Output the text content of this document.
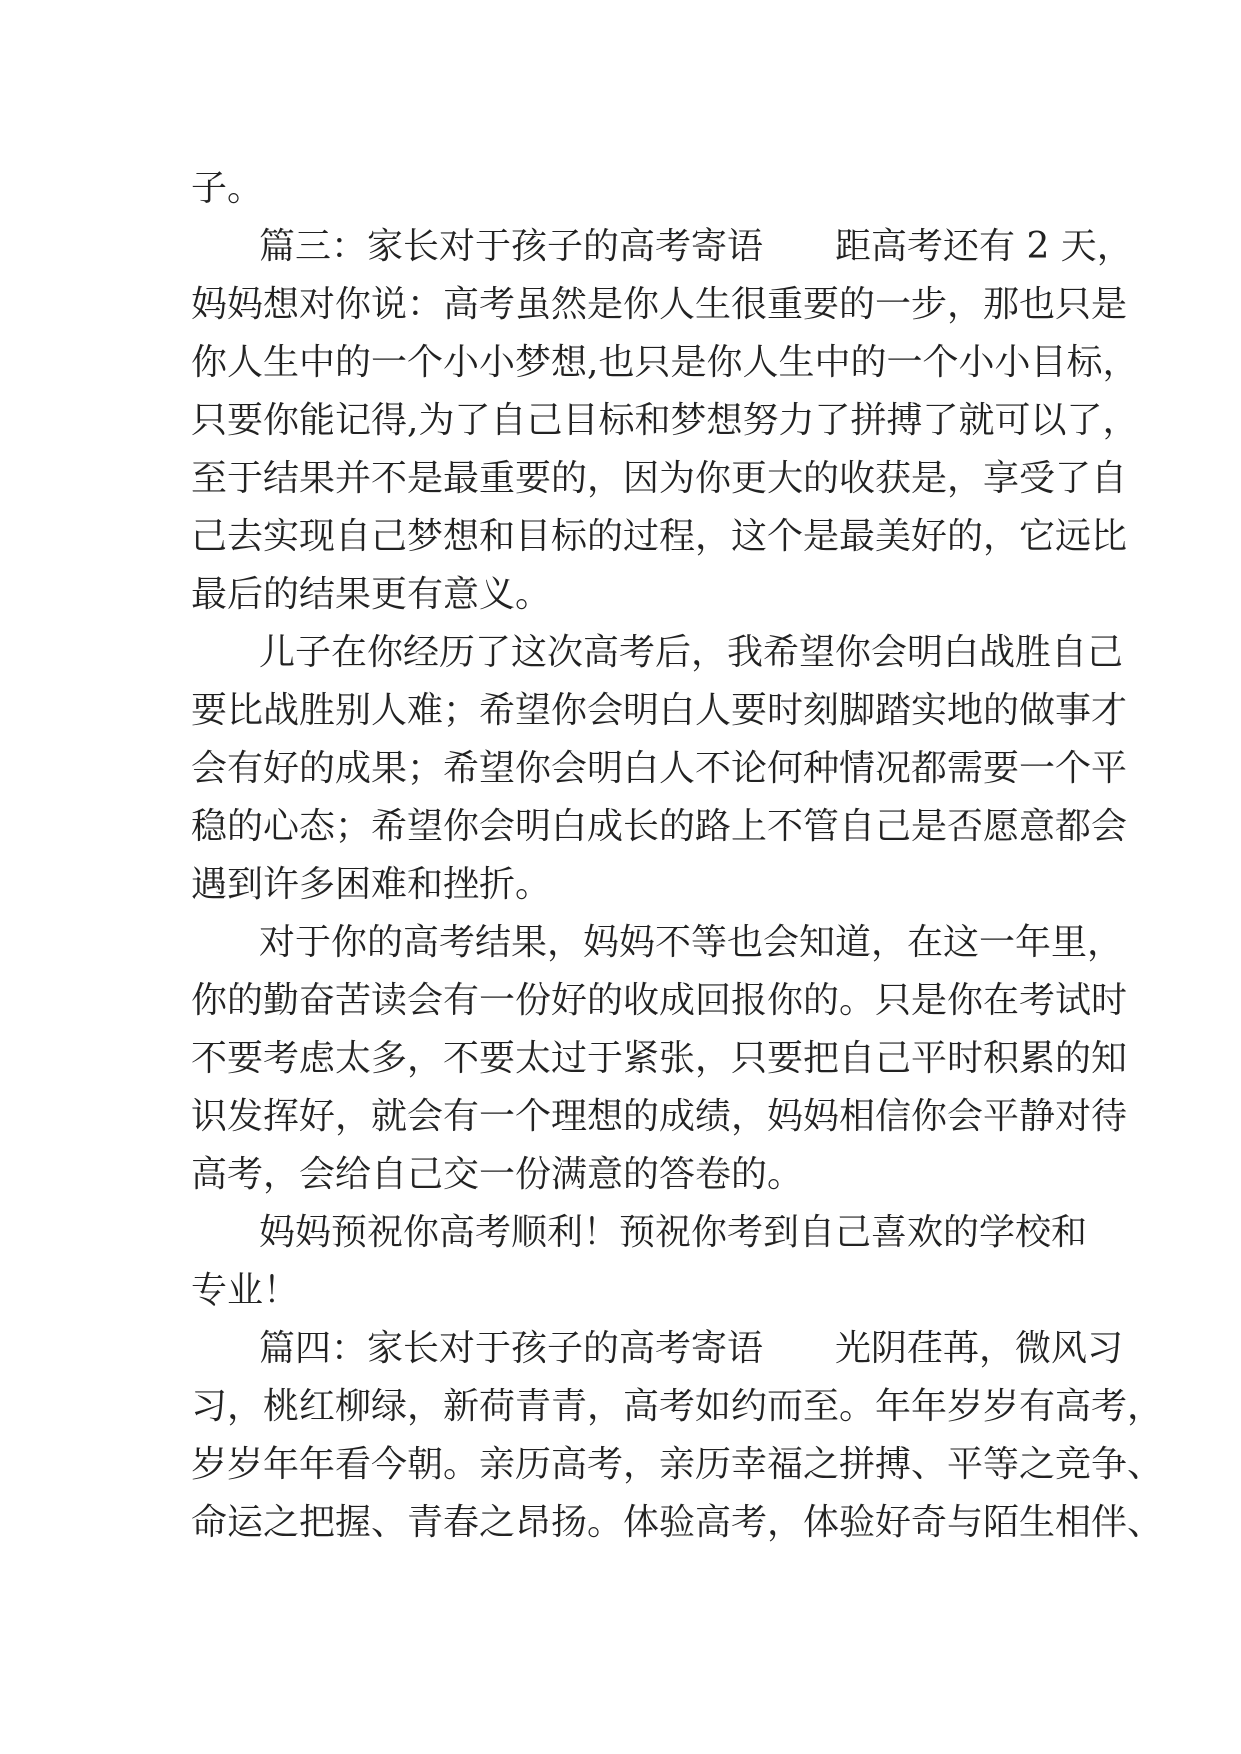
子。
篇三：家长对于孩子的高考寄语　　距高考还有 2 天，
妈妈想对你说：高考虽然是你人生很重要的一步，那也只是
你人生中的一个小小梦想,也只是你人生中的一个小小目标，
只要你能记得,为了自己目标和梦想努力了拼搏了就可以了，
至于结果并不是最重要的，因为你更大的收获是，享受了自
己去实现自己梦想和目标的过程，这个是最美好的，它远比
最后的结果更有意义。
儿子在你经历了这次高考后，我希望你会明白战胜自己
要比战胜别人难；希望你会明白人要时刻脚踏实地的做事才
会有好的成果；希望你会明白人不论何种情况都需要一个平
稳的心态；希望你会明白成长的路上不管自己是否愿意都会
遇到许多困难和挫折。
对于你的高考结果，妈妈不等也会知道，在这一年里，
你的勤奋苦读会有一份好的收成回报你的。只是你在考试时
不要考虑太多，不要太过于紧张，只要把自己平时积累的知
识发挥好，就会有一个理想的成绩，妈妈相信你会平静对待
高考，会给自己交一份满意的答卷的。
妈妈预祝你高考顺利！预祝你考到自己喜欢的学校和
专业！
篇四：家长对于孩子的高考寄语　　光阴荏苒，微风习
习，桃红柳绿，新荷青青，高考如约而至。年年岁岁有高考，
岁岁年年看今朝。亲历高考，亲历幸福之拼搏、平等之竞争、
命运之把握、青春之昂扬。体验高考，体验好奇与陌生相伴、
